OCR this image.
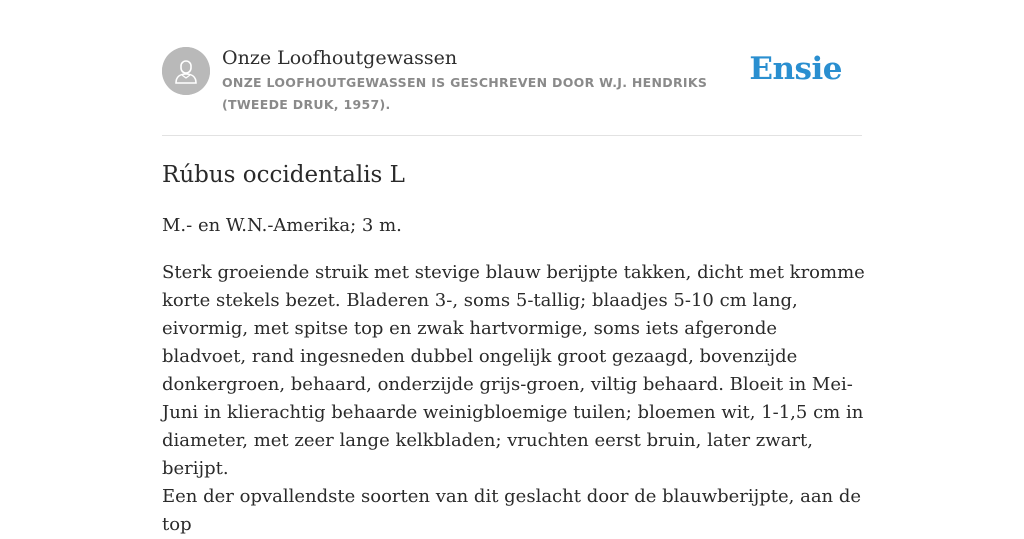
Onze Loofhoutgewassen
ONZE LOOFHOUTGEWASSEN IS GESCHREVEN DOOR W.J. HENDRIKS (TWEEDE DRUK, 1957).
Ensie
Rúbus occidentalis L

M.- en W.N.-Amerika; 3 m.

Sterk groeiende struik met stevige blauw berijpte takken, dicht met kromme korte stekels bezet. Bladeren 3-, soms 5-tallig; blaadjes 5-10 cm lang, eivormig, met spitse top en zwak hartvormige, soms iets afgeronde bladvoet, rand ingesneden dubbel ongelijk groot gezaagd, bovenzijde donkergroen, behaard, onderzijde grijs-groen, viltig behaard. Bloeit in Mei-Juni in klierachtig behaarde weinigbloemige tuilen; bloemen wit, 1-1,5 cm in diameter, met zeer lange kelkbladen; vruchten eerst bruin, later zwart, berijpt.

Een der opvallendste soorten van dit geslacht door de blauwberijpte, aan de top
